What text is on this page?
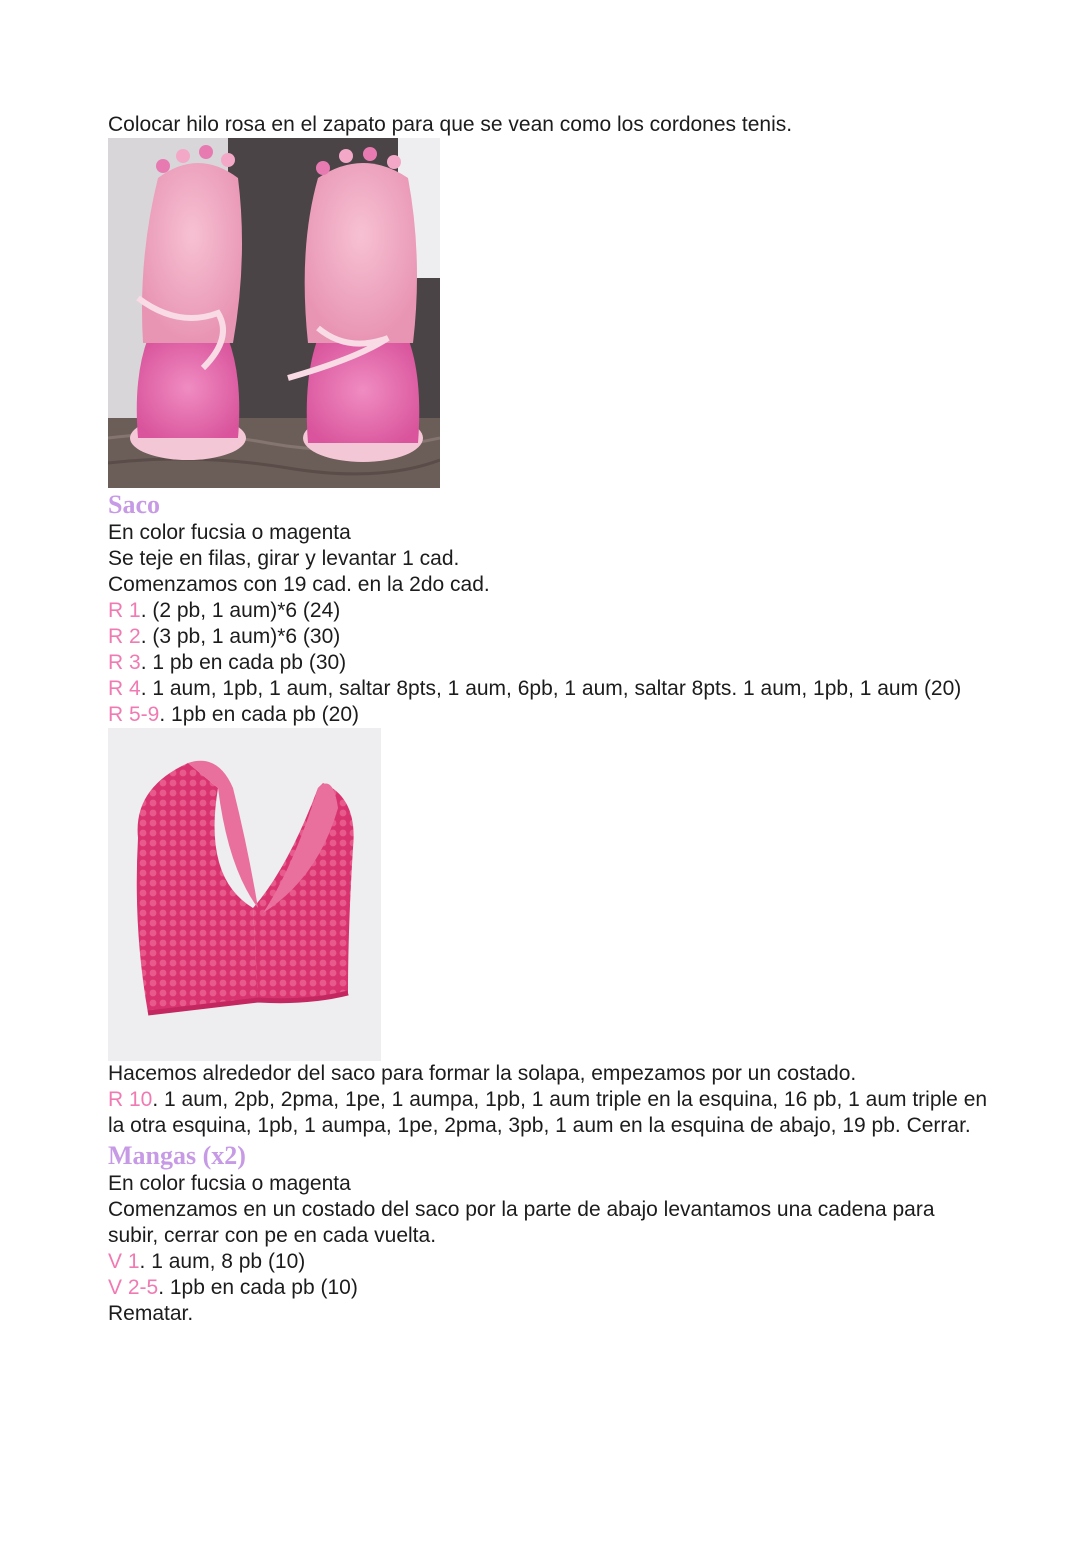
Colocar hilo rosa en el zapato para que se vean como los cordones tenis.

Saco

En color fucsia o magenta

Se teje en filas, girar y levantar 1 cad.

Comenzamos con 19 cad. en la 2do cad.

R 1. (2 pb, 1 aum)*6 (24)

R 2. (3 pb, 1 aum)*6 (30)

R 3. 1 pb en cada pb (30)

R 4. 1 aum, 1pb, 1 aum, saltar 8pts, 1 aum, 6pb, 1 aum, saltar 8pts. 1 aum, 1pb, 1 aum (20)

R 5-9. 1pb en cada pb (20)

Hacemos alrededor del saco para formar la solapa, empezamos por un costado.

R 10. 1 aum, 2pb, 2pma, 1pe, 1 aumpa, 1pb, 1 aum triple en la esquina, 16 pb, 1 aum triple en la otra esquina, 1pb, 1 aumpa, 1pe, 2pma, 3pb, 1 aum en la esquina de abajo, 19 pb. Cerrar.

Mangas (x2)

En color fucsia o magenta

Comenzamos en un costado del saco por la parte de abajo levantamos una cadena para subir, cerrar con pe en cada vuelta.

V 1. 1 aum, 8 pb (10)

V 2-5. 1pb en cada pb (10)

Rematar.
